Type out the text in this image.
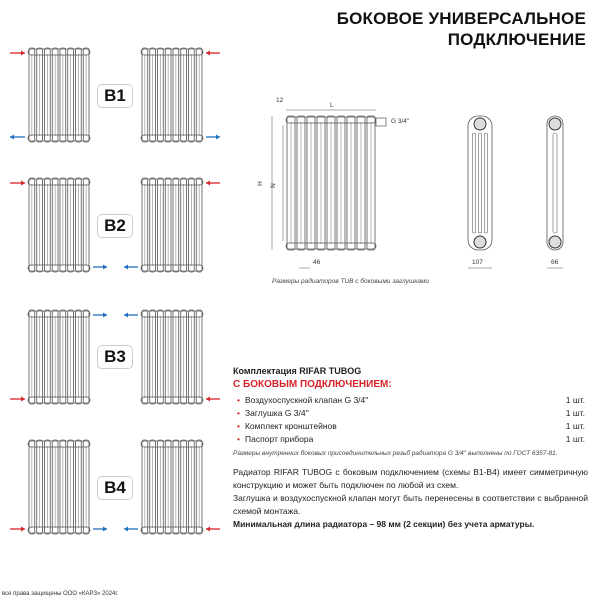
БОКОВОЕ УНИВЕРСАЛЬНОЕ
ПОДКЛЮЧЕНИЕ
B1
B2
B3
B4
12
L
G 3/4''
H N
46	107	66
Размеры радиаторов TUB с боковыми заглушками
Комплектация RIFAR TUBOG
С БОКОВЫМ ПОДКЛЮЧЕНИЕМ:
• Воздухоспускной клапан G 3/4''	1 шт.
• Заглушка G 3/4''	1 шт.
• Комплект кронштейнов	1 шт.
• Паспорт прибора	1 шт.
Размеры внутренних боковых присоединительных резьб радиатора G 3/4'' выполнены по ГОСТ 6357-81.
Радиатор RIFAR TUBOG с боковым подключением (схемы В1-В4) имеет симметричную конструкцию и может быть подключен по любой из схем.
Заглушка и воздухоспускной клапан могут быть перенесены в соответствии с выбранной схемой монтажа.
Минимальная длина радиатора – 98 мм (2 секции) без учета арматуры.
все права защищены ООО «КАРЗ» 2024г.
